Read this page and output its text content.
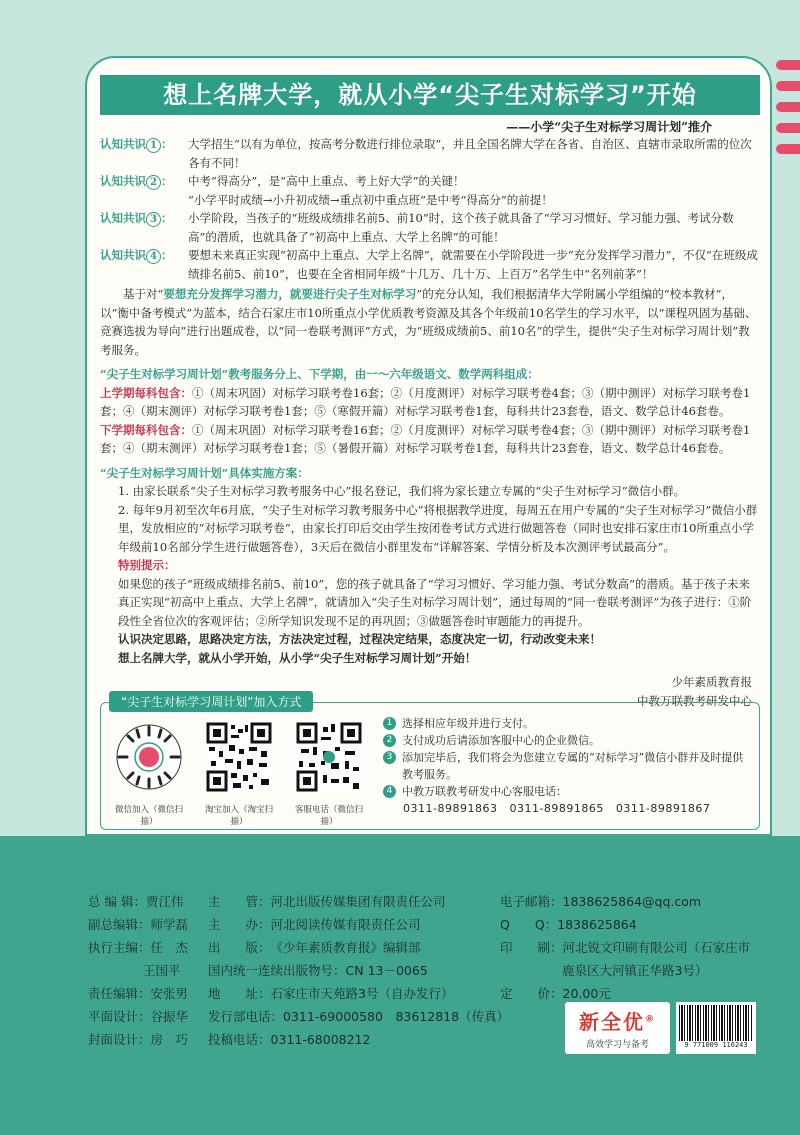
想上名牌大学，就从小学“尖子生对标学习”开始
——小学“尖子生对标学习周计划”推介
认知共识 1 ：	大学招生“以有为单位，按高考分数进行排位录取”，并且全国名牌大学在各省、自治区、直辖市录取所需的位次各有不同！
认知共识 2 ：	中考“得高分”，是“高中上重点、考上好大学”的关键！
“小学平时成绩→小升初成绩→重点初中重点班”是中考“得高分”的前提！
认知共识 3 ：	小学阶段，当孩子的“班级成绩排名前5、前10”时，这个孩子就具备了“学习习惯好、学习能力强、考试分数高”的潜质，也就具备了“初高中上重点、大学上名牌”的可能！
认知共识 4 ：	要想未来真正实现“初高中上重点、大学上名牌”，就需要在小学阶段进一步“充分发挥学习潜力”，不仅“在班级成绩排名前5、前10”，也要在全省相同年级“十几万、几十万、上百万”名学生中“名列前茅”！
基于对“要想充分发挥学习潜力，就要进行尖子生对标学习”的充分认知，我们根据清华大学附属小学组编的“校本教材”，以“衡中备考模式”为蓝本，结合石家庄市10所重点小学优质教考资源及其各个年级前10名学生的学习水平，以“课程巩固为基础、竞赛选拔为导向”进行出题成卷，以“同一卷联考测评”方式，为“班级成绩前5、前10名”的学生，提供“尖子生对标学习周计划”教考服务。
“尖子生对标学习周计划”教考服务分上、下学期，由一～六年级语文、数学两科组成：
上学期每科包含：①（周末巩固）对标学习联考卷16套；②（月度测评）对标学习联考卷4套；③（期中测评）对标学习联考卷1套；④（期末测评）对标学习联考卷1套；⑤（寒假开篇）对标学习联考卷1套，每科共计23套卷，语文、数学总计46套卷。
下学期每科包含：①（周末巩固）对标学习联考卷16套；②（月度测评）对标学习联考卷4套；③（期中测评）对标学习联考卷1套；④（期末测评）对标学习联考卷1套；⑤（暑假开篇）对标学习联考卷1套，每科共计23套卷，语文、数学总计46套卷。
“尖子生对标学习周计划”具体实施方案：
1. 由家长联系“尖子生对标学习教考服务中心”报名登记，我们将为家长建立专属的“尖子生对标学习”微信小群。
2. 每年9月初至次年6月底，“尖子生对标学习教考服务中心”将根据教学进度，每周五在用户专属的“尖子生对标学习”微信小群里，发放相应的“对标学习联考卷”，由家长打印后交由学生按闭卷考试方式进行做题答卷（同时也安排石家庄市10所重点小学年级前10名部分学生进行做题答卷），3天后在微信小群里发布“详解答案、学情分析及本次测评考试最高分”。
特别提示：
如果您的孩子“班级成绩排名前5、前10”，您的孩子就具备了“学习习惯好、学习能力强、考试分数高”的潜质。基于孩子未来真正实现“初高中上重点、大学上名牌”，就请加入“尖子生对标学习周计划”，通过每周的“同一卷联考测评”为孩子进行：①阶段性全省位次的客观评估；②所学知识发现不足的再巩固；③做题答卷时审题能力的再提升。
认识决定思路，思路决定方法，方法决定过程，过程决定结果，态度决定一切，行动改变未来！
想上名牌大学，就从小学开始，从小学“尖子生对标学习周计划”开始！
少年素质教育报
中教万联教考研发中心
“尖子生对标学习周计划”加入方式
微信加入（微信扫描）
淘宝加入（淘宝扫描）
客服电话（微信扫描）
1 选择相应年级并进行支付。
2 支付成功后请添加客服中心的企业微信。
3 添加完毕后，我们将会为您建立专属的“对标学习”微信小群并及时提供教考服务。
4 中教万联教考研发中心客服电话：
0311-89891863 0311-89891865 0311-89891867
总 编 辑：贾江伟
副总编辑：师学磊
执行主编：任　杰
王国平
责任编辑：安张男
平面设计：谷振华
封面设计：房　巧
主　　管：河北出版传媒集团有限责任公司
主　　办：河北阅读传媒有限责任公司
出　　版：《少年素质教育报》编辑部
国内统一连续出版物号：CN 13－0065
地　　址：石家庄市天苑路3号（自办发行）
发行部电话：0311-69000580　83612818（传真）
投稿电话：0311-68008212
电子邮箱：1838625864@qq.com
Q　　Q：1838625864
印　　刷：河北锐文印刷有限公司（石家庄市
鹿泉区大河镇正华路3号）
定　　价：20.00元
新全优®
高效学习与备考	9 771009 116243
